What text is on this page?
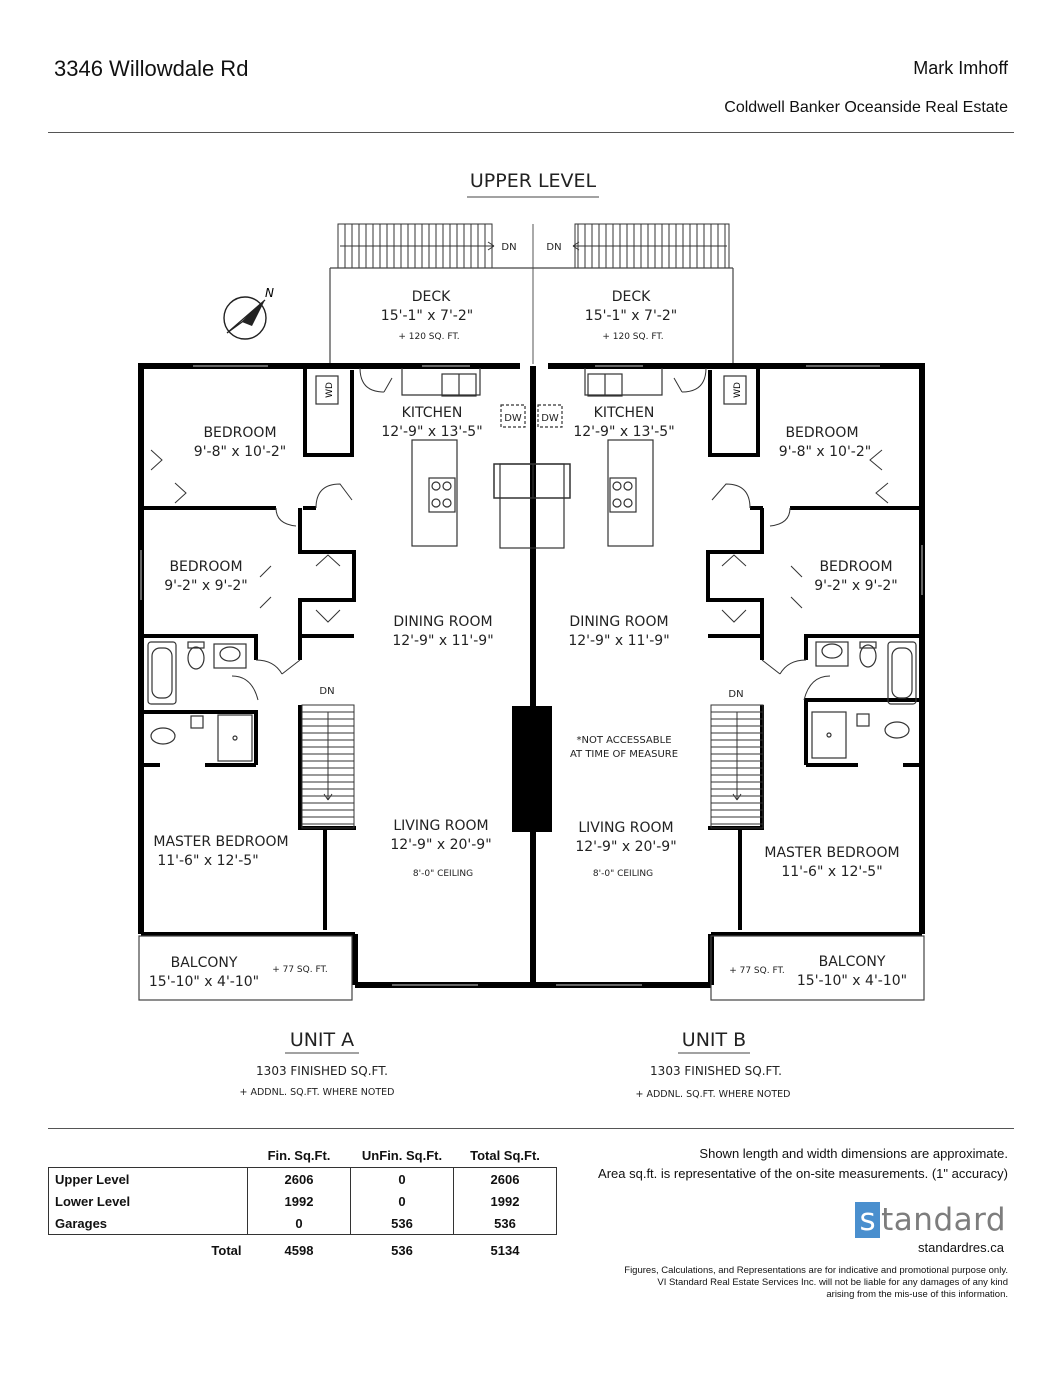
3346 Willowdale Rd	Mark Imhoff
Coldwell Banker Oceanside Real Estate
UPPER LEVEL
N
DN	DN
DN	DN
DW DW
WD	WD
DECK
15'-1" x 7'-2"
+ 120 SQ. FT.
KITCHEN
12'-9" x 13'-5"
BEDROOM
9'-8" x 10'-2"
BEDROOM
9'-2" x 9'-2"
DINING ROOM
12'-9" x 11'-9"
LIVING ROOM
12'-9" x 20'-9"
8'-0" CEILING
MASTER BEDROOM
11'-6" x 12'-5"
BALCONY
15'-10" x 4'-10"
+ 77 SQ. FT.
DECK
15'-1" x 7'-2"
+ 120 SQ. FT.
KITCHEN
12'-9" x 13'-5"	BEDROOM
9'-8" x 10'-2"
BEDROOM
9'-2" x 9'-2"
DINING ROOM
12'-9" x 11'-9"
*NOT ACCESSABLE
AT TIME OF MEASURE
LIVING ROOM
12'-9" x 20'-9"
8'-0" CEILING
MASTER BEDROOM
11'-6" x 12'-5"
BALCONY
15'-10" x 4'-10"
+ 77 SQ. FT.
UNIT A
1303 FINISHED SQ.FT.
+ ADDNL. SQ.FT. WHERE NOTED
UNIT B
1303 FINISHED SQ.FT.
+ ADDNL. SQ.FT. WHERE NOTED
	Fin. Sq.Ft.	UnFin. Sq.Ft.	Total Sq.Ft.
Upper Level	2606	0	2606
Lower Level	1992	0	1992
Garages	0	536	536
Total	4598	536	5134
Shown length and width dimensions are approximate.
Area sq.ft. is representative of the on-site measurements. (1" accuracy)
s tandard
standardres.ca
Figures, Calculations, and Representations are for indicative and promotional purpose only.
VI Standard Real Estate Services Inc. will not be liable for any damages of any kind
arising from the mis-use of this information.
